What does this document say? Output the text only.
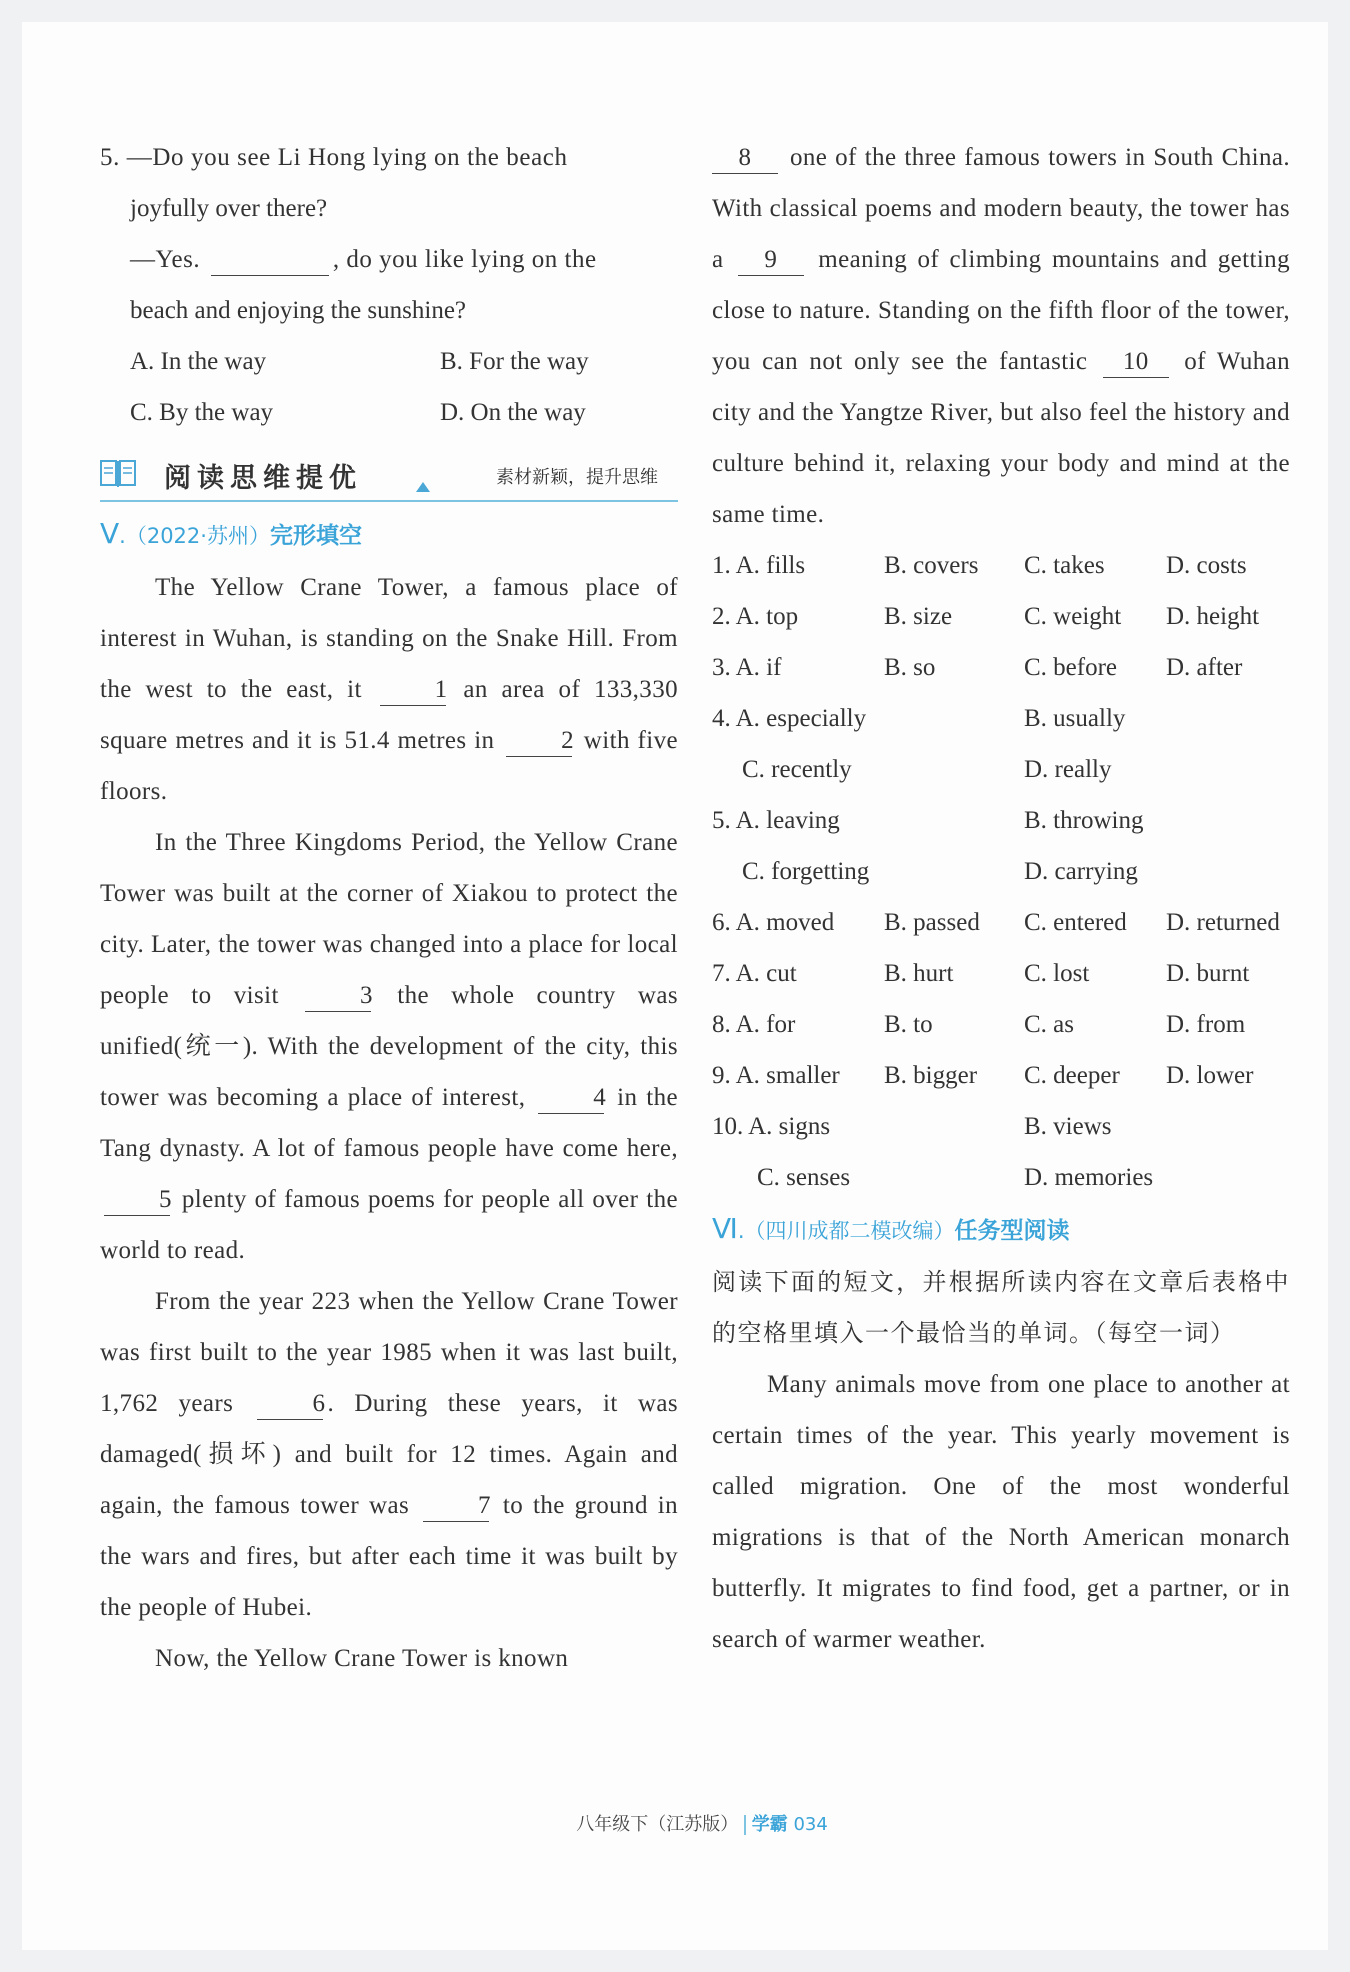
5. —Do you see Li Hong lying on the beach

joyfully over there?

—Yes.	, do you like lying on the

beach and enjoying the sunshine?

A. In the way	B. For the way
C. By the way	D. On the way
阅读思维提优	素材新颖，提升思维
Ⅴ.（2022·苏州）完形填空

The Yellow Crane Tower, a famous place of interest in Wuhan, is standing on the Snake Hill. From the west to the east, it	1 an area of 133,330 square metres and it is 51.4 metres in	2 with five floors.

In the Three Kingdoms Period, the Yellow Crane Tower was built at the corner of Xiakou to protect the city. Later, the tower was changed into a place for local people to visit	3 the whole country was unified(统一). With the development of the city, this tower was becoming a place of interest,	4 in the Tang dynasty. A lot of famous people have come here, 5 plenty of famous poems for people all over the world to read.

From the year 223 when the Yellow Crane Tower was first built to the year 1985 when it was last built, 1,762 years	6. During these years, it was damaged(损坏) and built for 12 times. Again and again, the famous tower was	7 to the ground in the wars and fires, but after each time it was built by the people of Hubei.

Now, the Yellow Crane Tower is known

8 one of the three famous towers in South China. With classical poems and modern beauty, the tower has a 9 meaning of climbing mountains and getting close to nature. Standing on the fifth floor of the tower, you can not only see the fantastic 10 of Wuhan city and the Yangtze River, but also feel the history and culture behind it, relaxing your body and mind at the same time.

1. A. fills	B. covers	C. takes	D. costs
2. A. top	B. size	C. weight	D. height
3. A. if	B. so	C. before	D. after
4. A. especially	B. usually
C. recently	D. really
5. A. leaving	B. throwing
C. forgetting	D. carrying
6. A. moved	B. passed	C. entered	D. returned
7. A. cut	B. hurt	C. lost	D. burnt
8. A. for	B. to	C. as	D. from
9. A. smaller	B. bigger	C. deeper	D. lower
10. A. signs	B. views
C. senses	D. memories
Ⅵ.（四川成都二模改编）任务型阅读

阅读下面的短文，并根据所读内容在文章后表格中的空格里填入一个最恰当的单词。（每空一词）

Many animals move from one place to another at certain times of the year. This yearly movement is called migration. One of the most wonderful migrations is that of the North American monarch butterfly. It migrates to find food, get a partner, or in search of warmer weather.

八年级下（江苏版） 学霸 034
